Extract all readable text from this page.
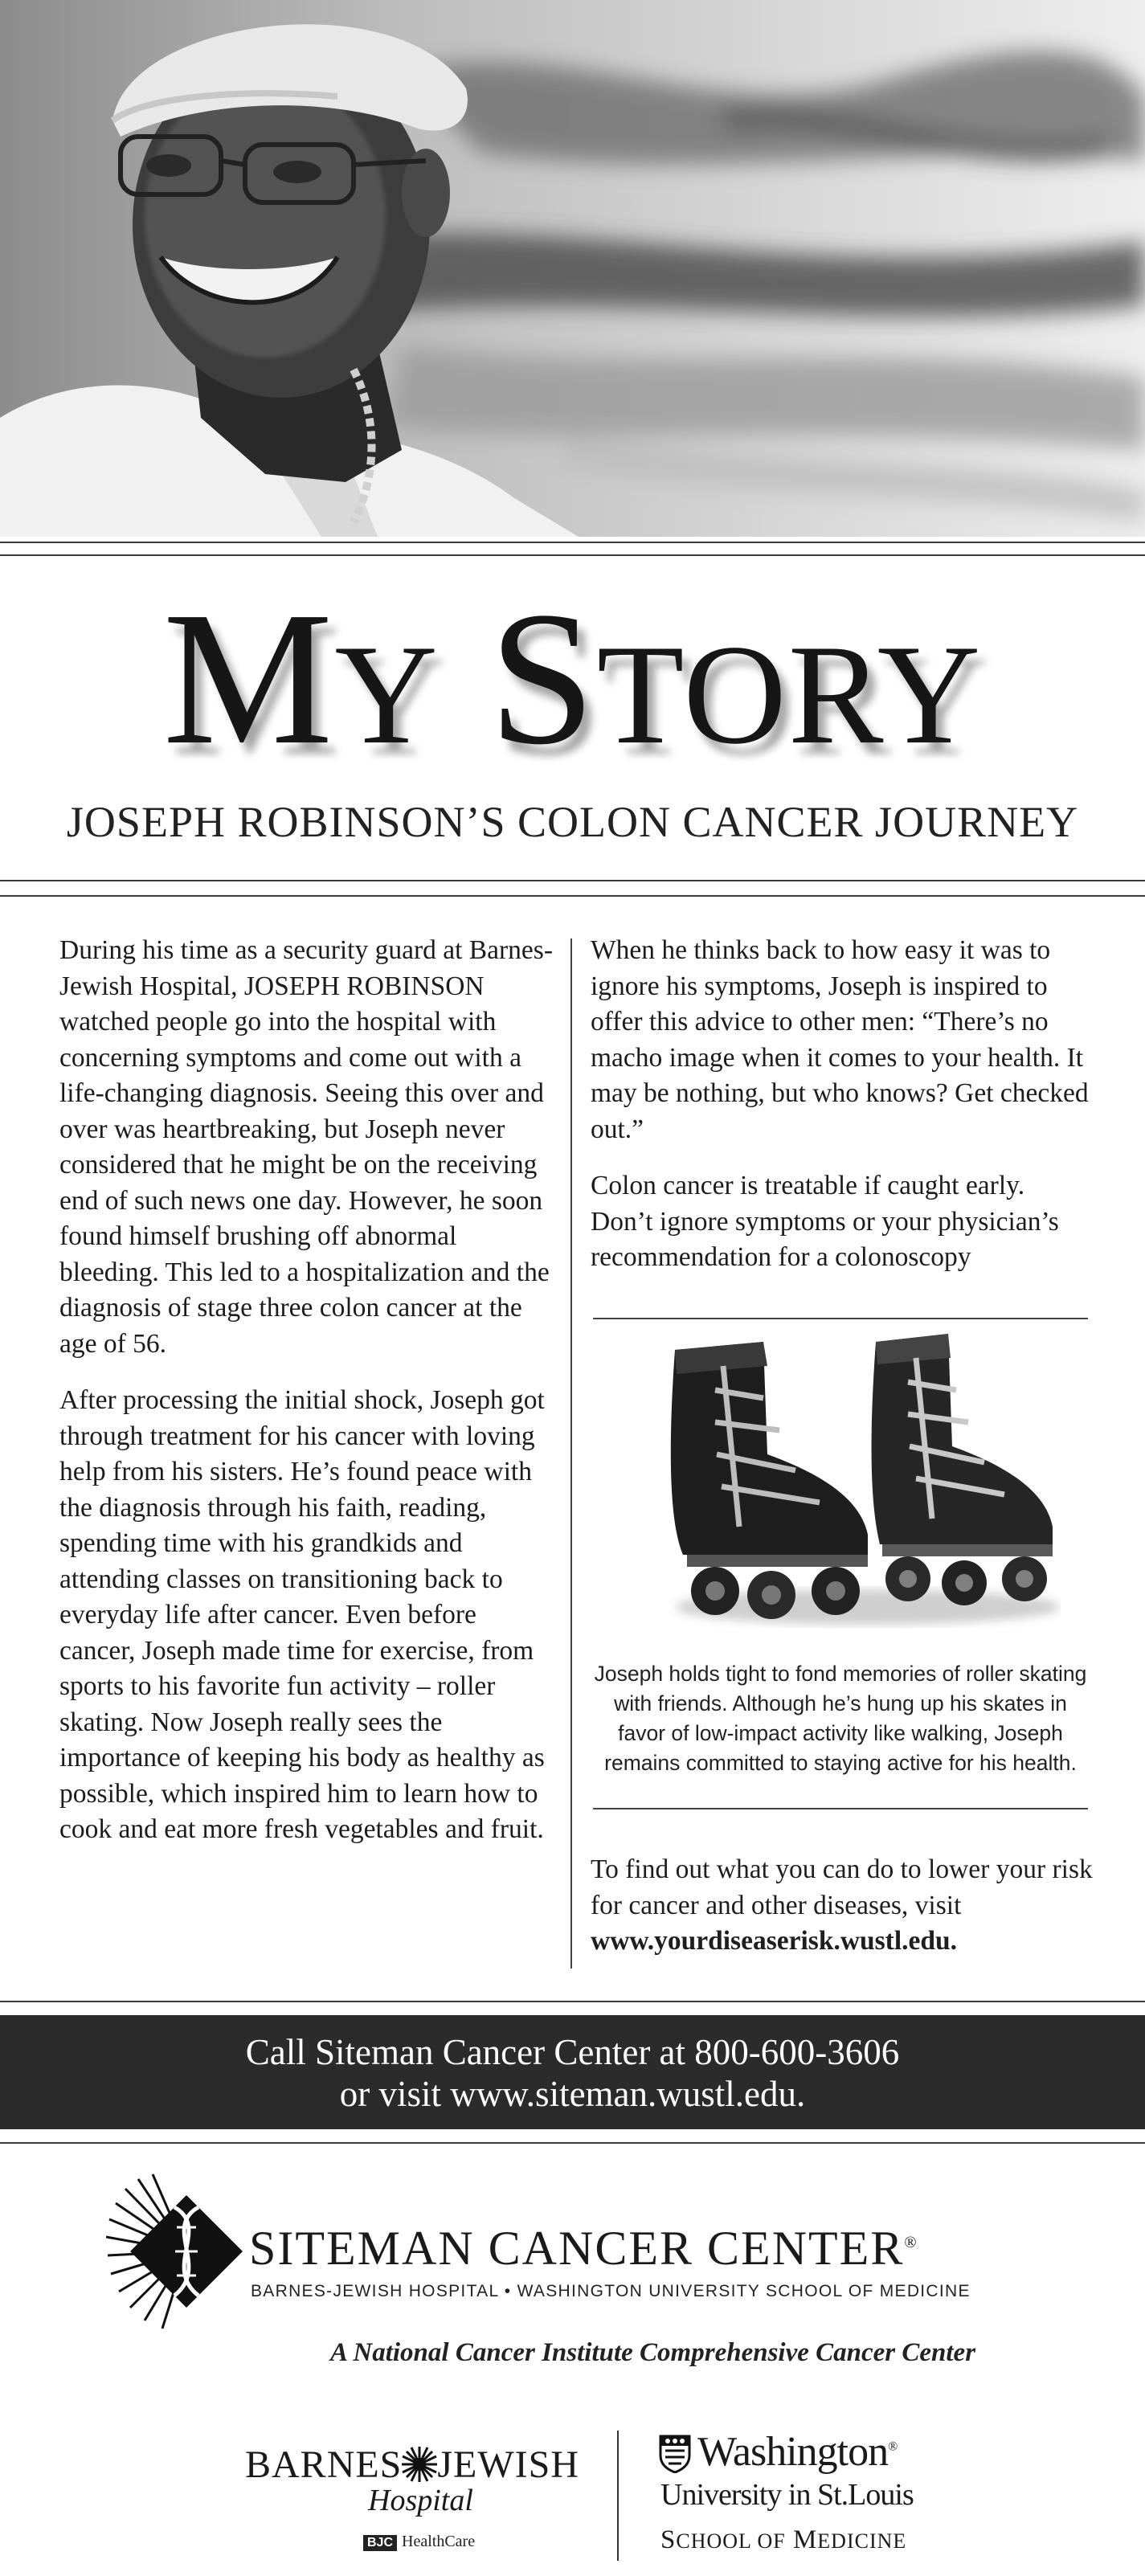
MY STORY
JOSEPH ROBINSON’S COLON CANCER JOURNEY

During his time as a security guard at Barnes-Jewish Hospital, JOSEPH ROBINSON watched people go into the hospital with concerning symptoms and come out with a life-changing diagnosis. Seeing this over and over was heartbreaking, but Joseph never considered that he might be on the receiving end of such news one day. However, he soon found himself brushing off abnormal bleeding. This led to a hospitalization and the diagnosis of stage three colon cancer at the age of 56.

After processing the initial shock, Joseph got through treatment for his cancer with loving help from his sisters. He’s found peace with the diagnosis through his faith, reading, spending time with his grandkids and attending classes on transitioning back to everyday life after cancer. Even before cancer, Joseph made time for exercise, from sports to his favorite fun activity – roller skating. Now Joseph really sees the importance of keeping his body as healthy as possible, which inspired him to learn how to cook and eat more fresh vegetables and fruit.

When he thinks back to how easy it was to ignore his symptoms, Joseph is inspired to offer this advice to other men: “There’s no macho image when it comes to your health. It may be nothing, but who knows? Get checked out.”

Colon cancer is treatable if caught early. Don’t ignore symptoms or your physician’s recommendation for a colonoscopy

Joseph holds tight to fond memories of roller skating with friends. Although he’s hung up his skates in favor of low-impact activity like walking, Joseph remains committed to staying active for his health.
To find out what you can do to lower your risk for cancer and other diseases, visit www.yourdiseaserisk.wustl.edu.
Call Siteman Cancer Center at 800-600-3606
or visit www.siteman.wustl.edu.
SITEMAN CANCER CENTER®
BARNES-JEWISH HOSPITAL • WASHINGTON UNIVERSITY SCHOOL OF MEDICINE
A National Cancer Institute Comprehensive Cancer Center
BARNES JEWISH
Hospital
BJC HealthCare
Washington®
University in St.Louis
SCHOOL OF MEDICINE
